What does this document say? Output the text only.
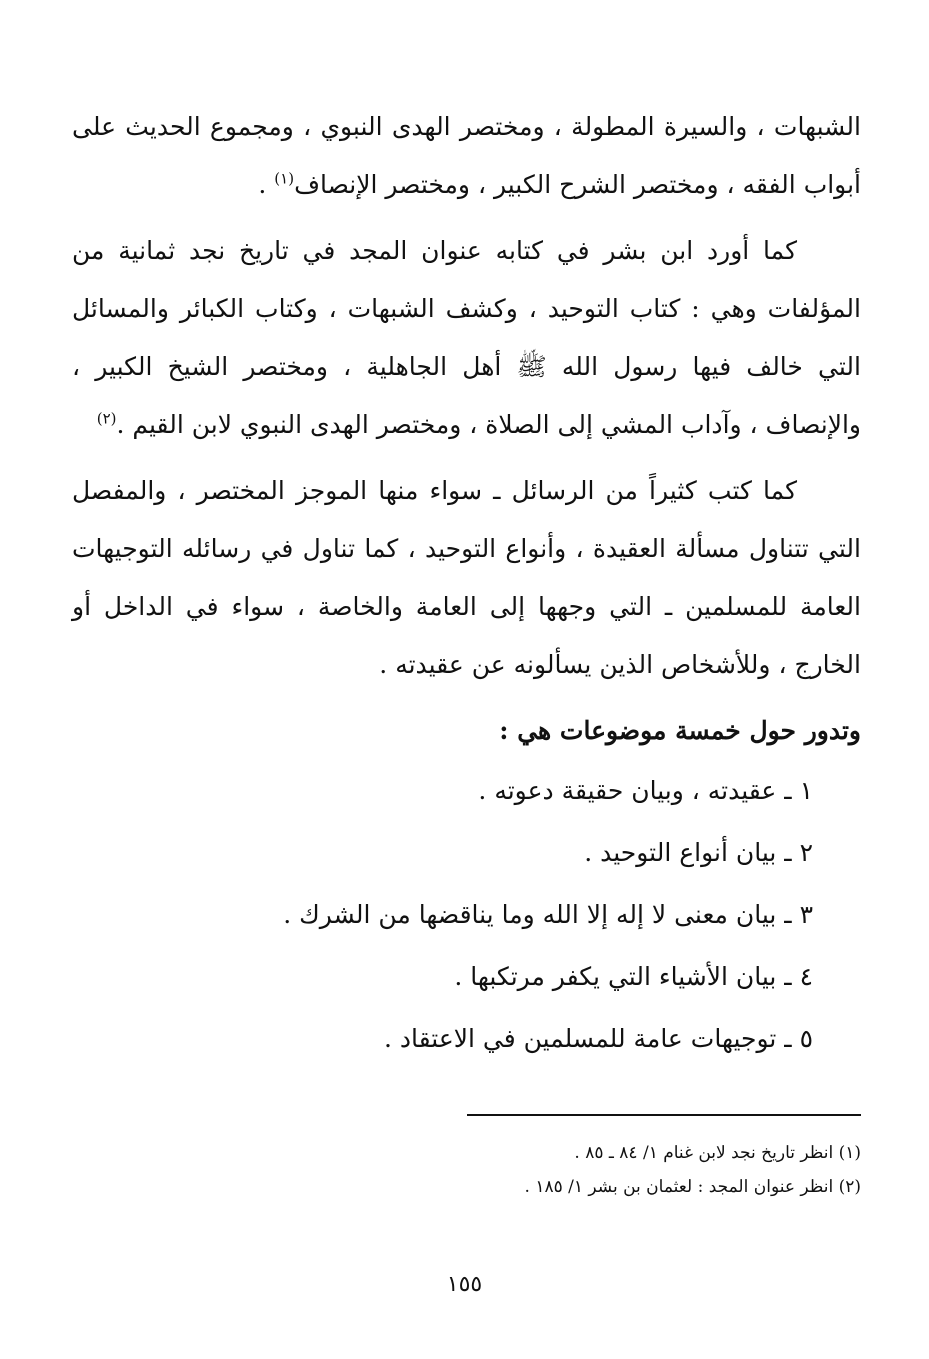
الشبهات ، والسيرة المطولة ، ومختصر الهدى النبوي ، ومجموع الحديث على أبواب الفقه ، ومختصر الشرح الكبير ، ومختصر الإنصاف$^{(١)}$ .

كما أورد ابن بشر في كتابه عنوان المجد في تاريخ نجد ثمانية من المؤلفات وهي : كتاب التوحيد ، وكشف الشبهات ، وكتاب الكبائر والمسائل التي خالف فيها رسول الله ﷺ أهل الجاهلية ، ومختصر الشيخ الكبير ، والإنصاف ، وآداب المشي إلى الصلاة ، ومختصر الهدى النبوي لابن القيم .$^{(٢)}$

كما كتب كثيراً من الرسائل ـ سواء منها الموجز المختصر ، والمفصل التي تتناول مسألة العقيدة ، وأنواع التوحيد ، كما تناول في رسائله التوجيهات العامة للمسلمين ـ التي وجهها إلى العامة والخاصة ، سواء في الداخل أو الخارج ، وللأشخاص الذين يسألونه عن عقيدته .

وتدور حول خمسة موضوعات هي :
١ ـ عقيدته ، وبيان حقيقة دعوته .
٢ ـ بيان أنواع التوحيد .
٣ ـ بيان معنى لا إله إلا الله وما يناقضها من الشرك .
٤ ـ بيان الأشياء التي يكفر مرتكبها .
٥ ـ توجيهات عامة للمسلمين في الاعتقاد .

(١) انظر تاريخ نجد لابن غنام ١/ ٨٤ ـ ٨٥ .

(٢) انظر عنوان المجد : لعثمان بن بشر ١/ ١٨٥ .

١٥٥
